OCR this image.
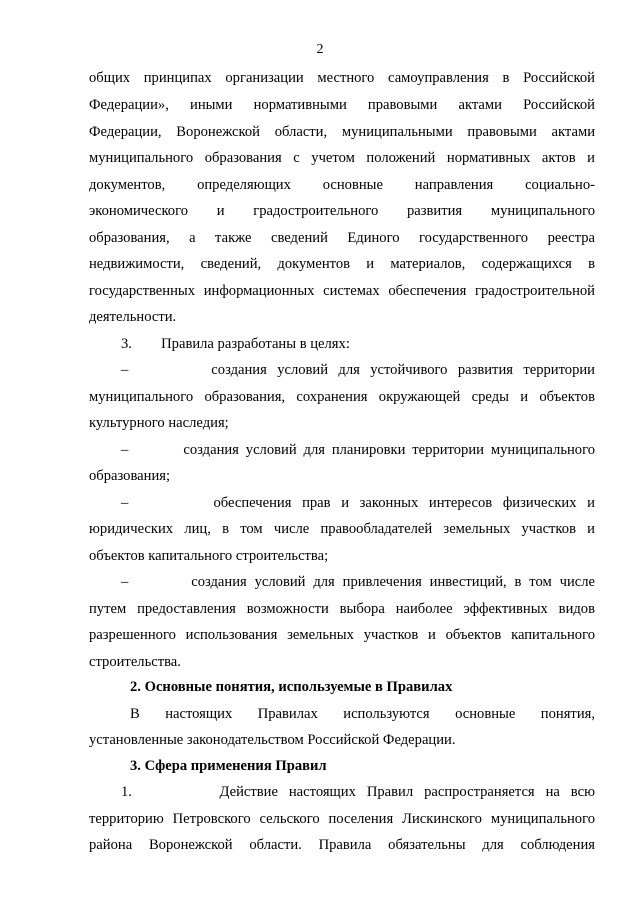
2
общих принципах организации местного самоуправления в Российской
Федерации», иными нормативными правовыми актами Российской
Федерации, Воронежской области, муниципальными правовыми актами
муниципального образования с учетом положений нормативных актов и
документов, определяющих основные направления социально-
экономического и градостроительного развития муниципального
образования, а также сведений Единого государственного реестра
недвижимости, сведений, документов и материалов, содержащихся в
государственных информационных системах обеспечения градостроительной
деятельности.
3.        Правила разработаны в целях:
–        создания условий для устойчивого развития территории
муниципального образования, сохранения окружающей среды и объектов
культурного наследия;
–        создания условий для планировки территории муниципального
образования;
–        обеспечения прав и законных интересов физических и
юридических лиц, в том числе правообладателей земельных участков и
объектов капитального строительства;
–        создания условий для привлечения инвестиций, в том числе
путем предоставления возможности выбора наиболее эффективных видов
разрешенного использования земельных участков и объектов капитального
строительства.
2. Основные понятия, используемые в Правилах
В настоящих Правилах используются основные понятия,
установленные законодательством Российской Федерации.
3. Сфера применения Правил
1.        Действие настоящих Правил распространяется на всю
территорию Петровского сельского поселения Лискинского муниципального
района Воронежской области. Правила обязательны для соблюдения
